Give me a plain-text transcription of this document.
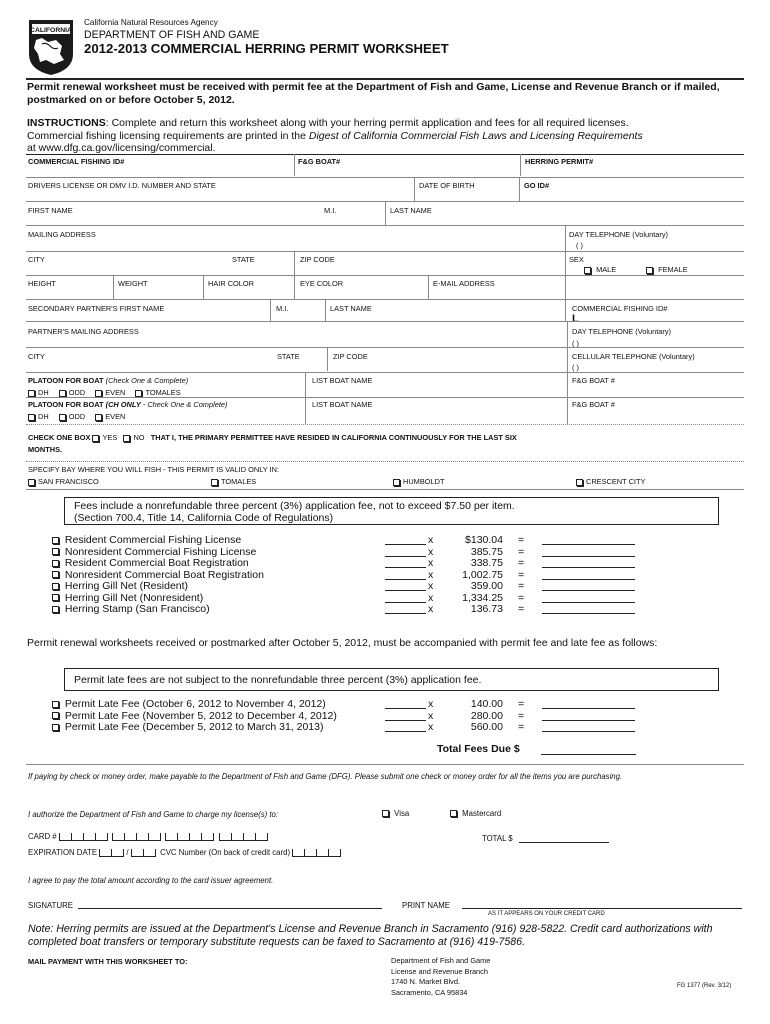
CALIFORNIA
California Natural Resources Agency
DEPARTMENT OF FISH AND GAME
2012-2013 COMMERCIAL HERRING PERMIT WORKSHEET
Permit renewal worksheet must be received with permit fee at the Department of Fish and Game, License and Revenue Branch or if mailed, postmarked on or before October 5, 2012.
INSTRUCTIONS: Complete and return this worksheet along with your herring permit application and fees for all required licenses.
Commercial fishing licensing requirements are printed in the Digest of California Commercial Fish Laws and Licensing Requirements
at www.dfg.ca.gov/licensing/commercial.
COMMERCIAL FISHING ID#	F&G BOAT#	HERRING PERMIT#
DRIVERS LICENSE OR DMV I.D. NUMBER AND STATE	DATE OF BIRTH	GO ID#
FIRST NAME	M.I.	LAST NAME
MAILING ADDRESS	DAY TELEPHONE (Voluntary)
( )
CITY	STATE	ZIP CODE	SEX
MALE	FEMALE
HEIGHT	WEIGHT	HAIR COLOR	EYE COLOR	E-MAIL ADDRESS
SECONDARY PARTNER'S FIRST NAME	M.I.	LAST NAME	COMMERCIAL FISHING ID#
L
PARTNER'S MAILING ADDRESS	DAY TELEPHONE (Voluntary)
( )
CITY	STATE	ZIP CODE	CELLULAR TELEPHONE (Voluntary)
( )
PLATOON FOR BOAT (Check One & Complete)
DH	ODD	EVEN	TOMALES
LIST BOAT NAME	F&G BOAT #
PLATOON FOR BOAT (CH ONLY - Check One & Complete)
DH	ODD	EVEN
LIST BOAT NAME	F&G BOAT #
CHECK ONE BOX YES NO THAT I, THE PRIMARY PERMITTEE HAVE RESIDED IN CALIFORNIA CONTINUOUSLY FOR THE LAST SIX
MONTHS.
SPECIFY BAY WHERE YOU WILL FISH - THIS PERMIT IS VALID ONLY IN:
SAN FRANCISCO	TOMALES	HUMBOLDT	CRESCENT CITY
Fees include a nonrefundable three percent (3%) application fee, not to exceed $7.50 per item.
(Section 700.4, Title 14, California Code of Regulations)
Resident Commercial Fishing License	x	$130.04 =
Nonresident Commercial Fishing License	x	385.75 =
Resident Commercial Boat Registration	x	338.75 =
Nonresident Commercial Boat Registration	x	1,002.75 =
Herring Gill Net (Resident)	x	359.00 =
Herring Gill Net (Nonresident)	x	1,334.25 =
Herring Stamp (San Francisco)	x	136.73 =
Permit renewal worksheets received or postmarked after October 5, 2012, must be accompanied with permit fee and late fee as follows:
Permit late fees are not subject to the nonrefundable three percent (3%) application fee.
Permit Late Fee (October 6, 2012 to November 4, 2012)	x	140.00 =
Permit Late Fee (November 5, 2012 to December 4, 2012)	x	280.00 =
Permit Late Fee (December 5, 2012 to March 31, 2013)	x	560.00 =
Total Fees Due $
If paying by check or money order, make payable to the Department of Fish and Game (DFG). Please submit one check or money order for all the items you are purchasing.
I authorize the Department of Fish and Game to charge my license(s) to:	Visa	Mastercard
CARD #	TOTAL $
EXPIRATION DATE	/	CVC Number (On back of credit card)
I agree to pay the total amount according to the card issuer agreement.
SIGNATURE	PRINT NAME
AS IT APPEARS ON YOUR CREDIT CARD
Note: Herring permits are issued at the Department's License and Revenue Branch in Sacramento (916) 928-5822. Credit card authorizations with completed boat transfers or temporary substitute requests can be faxed to Sacramento at (916) 419-7586.
MAIL PAYMENT WITH THIS WORKSHEET TO:	Department of Fish and Game
License and Revenue Branch
1740 N. Market Blvd.
Sacramento, CA 95834
FG 1377 (Rev. 3/12)
